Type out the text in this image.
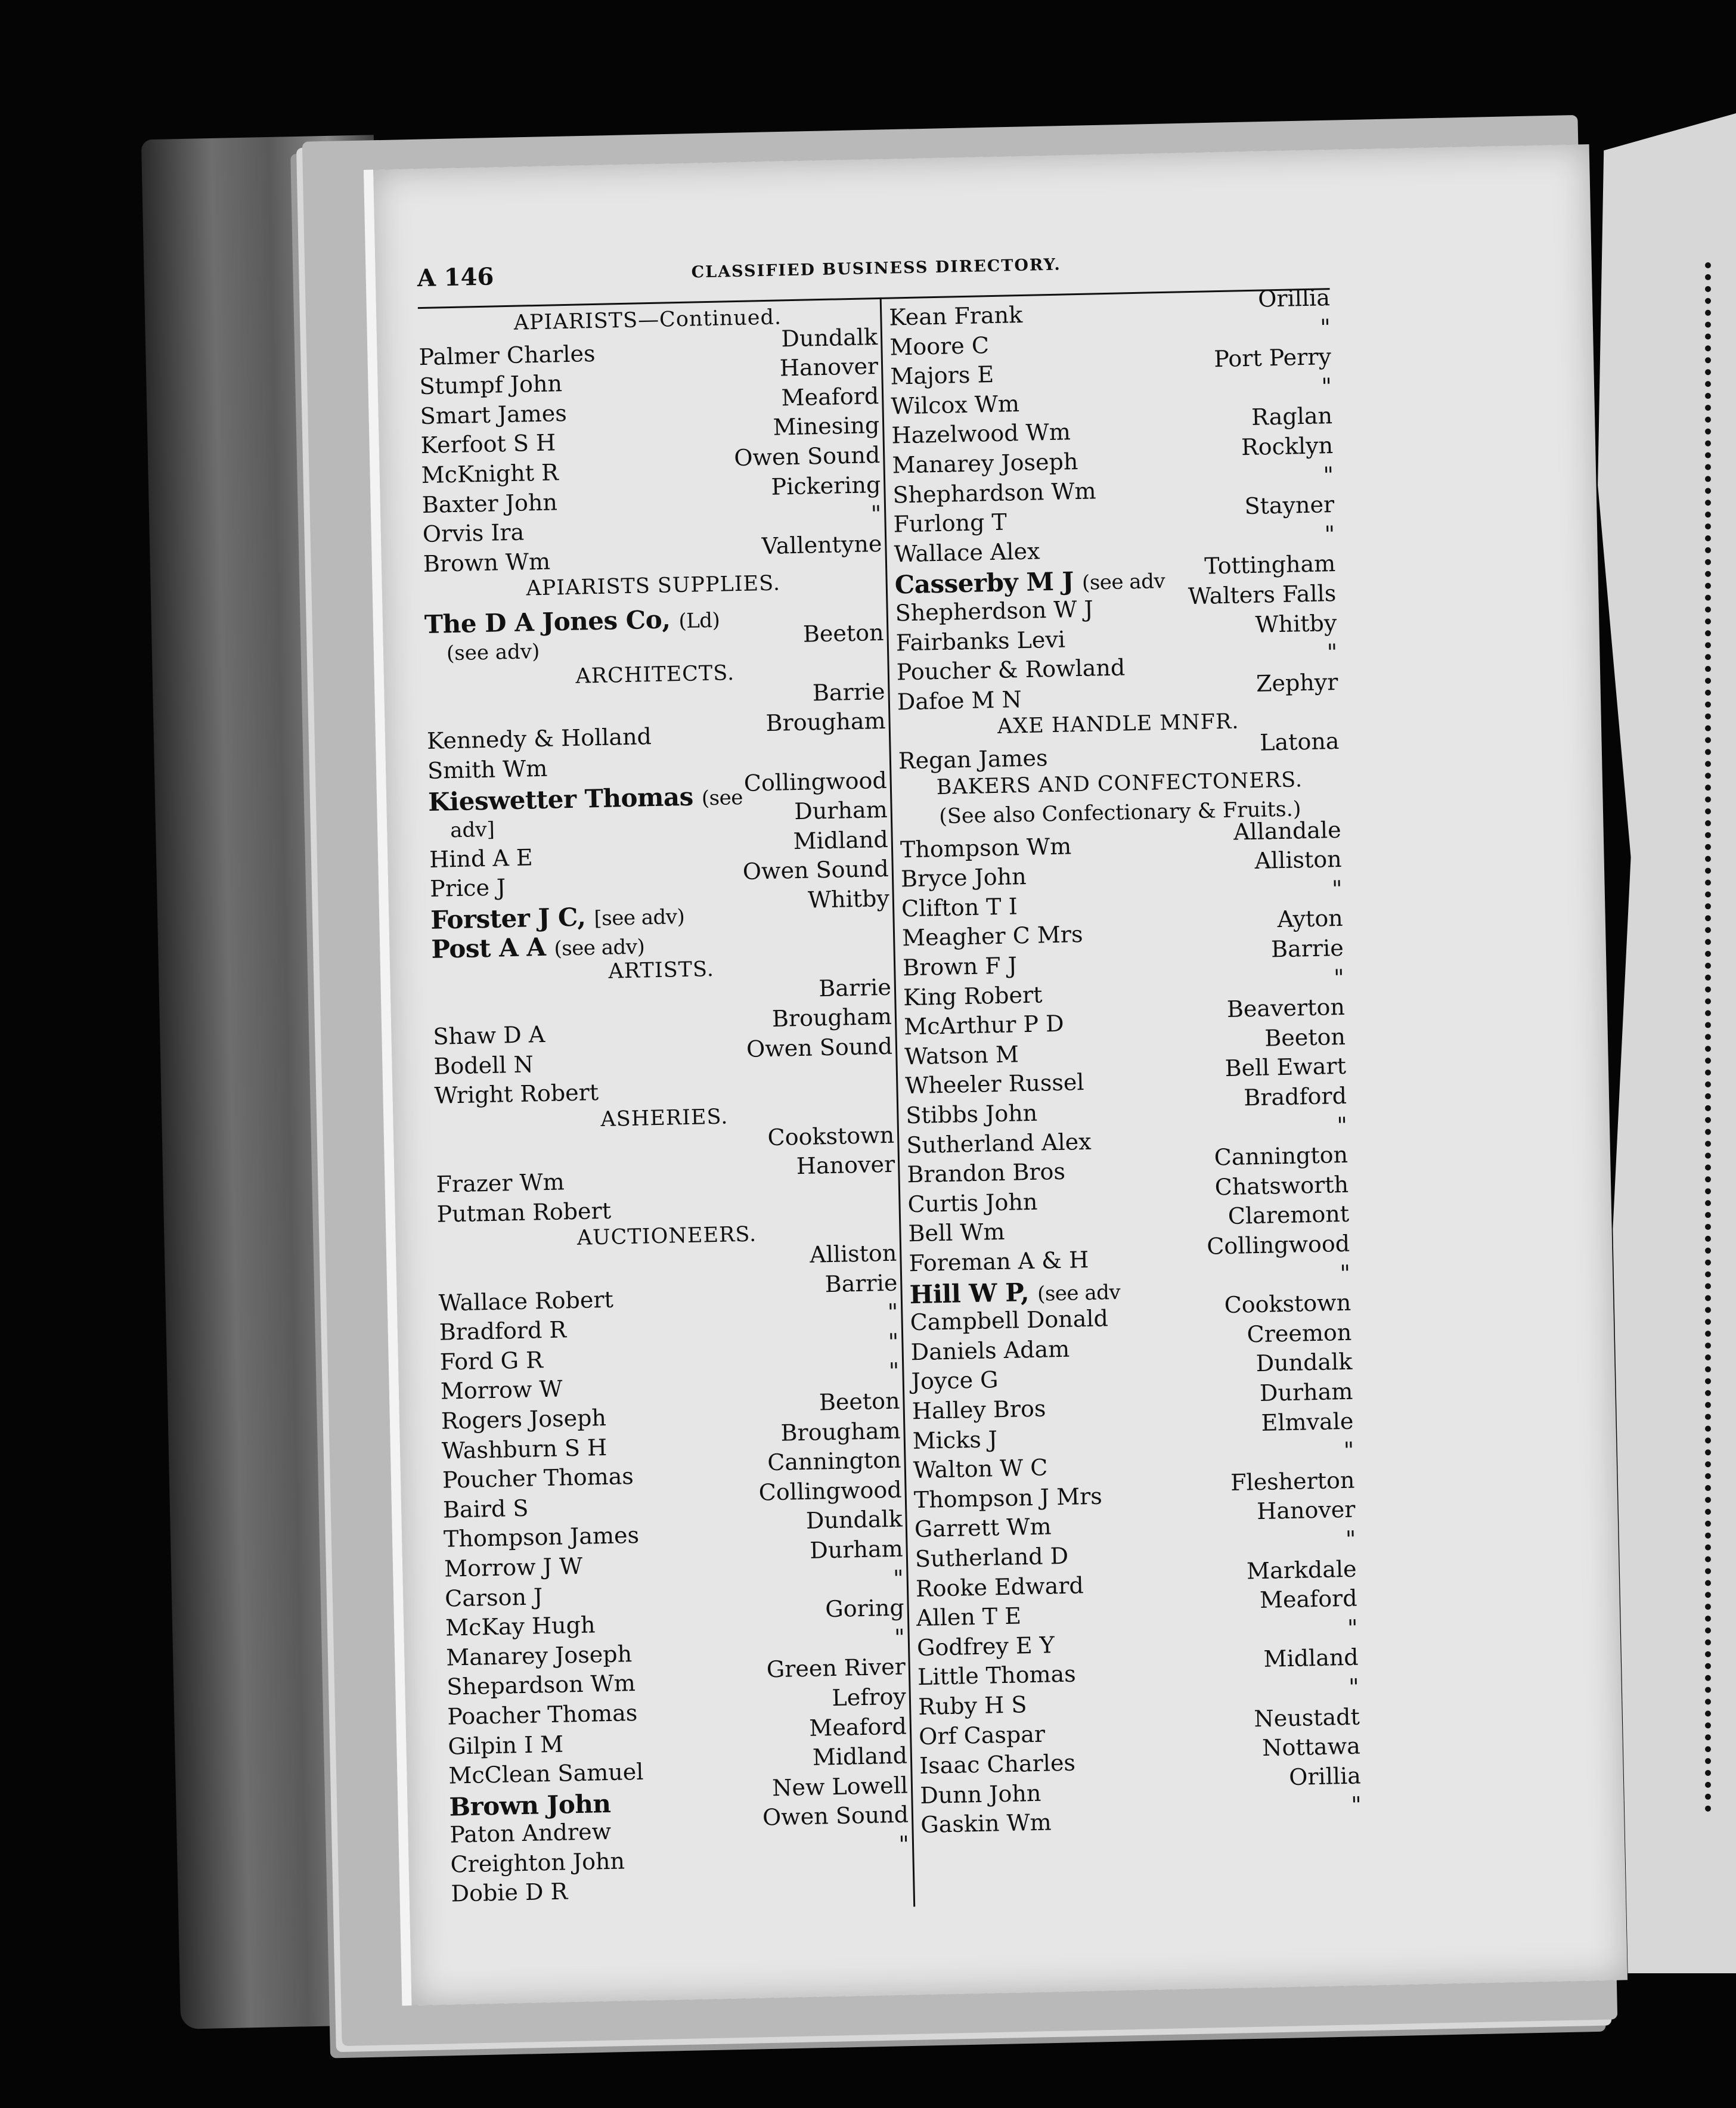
A 146	CLASSIFIED BUSINESS DIRECTORY.
APIARISTS—Continued.
Palmer Charles
Dundalk
Stumpf John
Hanover
Smart James
Meaford
Kerfoot S H
Minesing
McKnight R
Owen Sound
Baxter John
Pickering
Orvis Ira
"
Brown Wm
Vallentyne
APIARISTS SUPPLIES.
The D A Jones Co, (Ld)
(see adv)
Beeton
ARCHITECTS.
Barrie
Kennedy & Holland
Brougham
Smith Wm
Kieswetter Thomas (see
Collingwood
adv]
Durham
Hind A E
Midland
Price J
Owen Sound
Forster J C, [see adv)
Whitby
Post A A (see adv)
ARTISTS.
Barrie
Shaw D A
Brougham
Bodell N
Owen Sound
Wright Robert
ASHERIES.
Cookstown
Frazer Wm
Hanover
Putman Robert
AUCTIONEERS.
Alliston
Wallace Robert
Barrie
Bradford R
"
Ford G R
"
Morrow W
"
Rogers Joseph
Beeton
Washburn S H
Brougham
Poucher Thomas
Cannington
Baird S
Collingwood
Thompson James
Dundalk
Morrow J W
Durham
Carson J
"
McKay Hugh
Goring
Manarey Joseph
"
Shepardson Wm
Green River
Poacher Thomas
Lefroy
Gilpin I M
Meaford
McClean Samuel
Midland
Brown John
New Lowell
Paton Andrew
Owen Sound
Creighton John
"
Dobie D R
Kean Frank
Orillia
Moore C
"
Majors E
Port Perry
Wilcox Wm
"
Hazelwood Wm
Raglan
Manarey Joseph
Rocklyn
Shephardson Wm
"
Furlong T
Stayner
Wallace Alex
"
Casserby M J (see adv
Tottingham
Shepherdson W J
Walters Falls
Fairbanks Levi
Whitby
Poucher & Rowland
"
Dafoe M N
Zephyr
AXE HANDLE MNFR.
Regan James
Latona
BAKERS AND CONFECTONERS.
(See also Confectionary & Fruits.)
Thompson Wm
Allandale
Bryce John
Alliston
Clifton T I
"
Meagher C Mrs
Ayton
Brown F J
Barrie
King Robert
"
McArthur P D
Beaverton
Watson M
Beeton
Wheeler Russel
Bell Ewart
Stibbs John
Bradford
Sutherland Alex
"
Brandon Bros
Cannington
Curtis John
Chatsworth
Bell Wm
Claremont
Foreman A & H
Collingwood
Hill W P, (see adv
"
Campbell Donald
Cookstown
Daniels Adam
Creemon
Joyce G
Dundalk
Halley Bros
Durham
Micks J
Elmvale
Walton W C
"
Thompson J Mrs
Flesherton
Garrett Wm
Hanover
Sutherland D
"
Rooke Edward
Markdale
Allen T E
Meaford
Godfrey E Y
"
Little Thomas
Midland
Ruby H S
"
Orf Caspar
Neustadt
Isaac Charles
Nottawa
Dunn John
Orillia
Gaskin Wm
"
